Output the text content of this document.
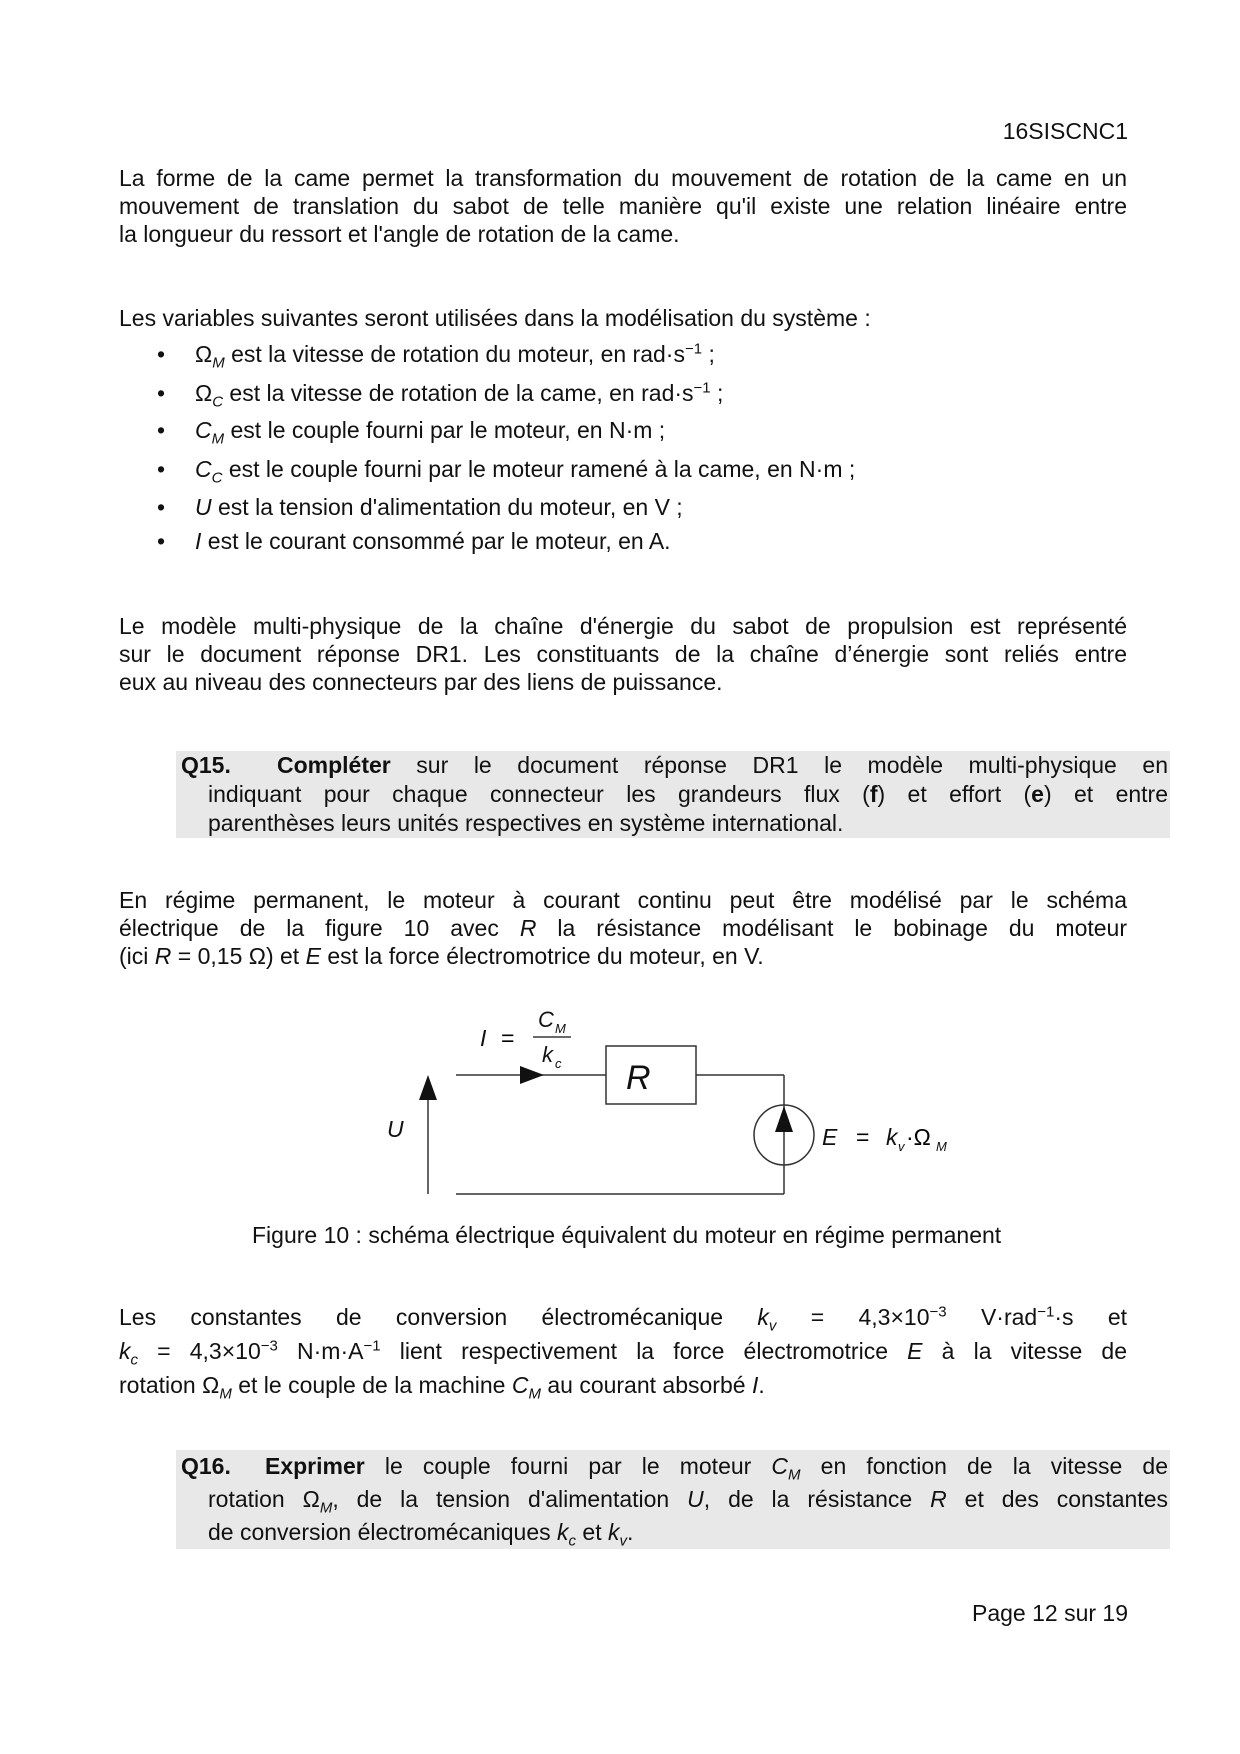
16SISCNC1
La forme de la came permet la transformation du mouvement de rotation de la came en un
mouvement de translation du sabot de telle manière qu'il existe une relation linéaire entre
la longueur du ressort et l'angle de rotation de la came.
Les variables suivantes seront utilisées dans la modélisation du système :
• $\Omega_M$ est la vitesse de rotation du moteur, en $rad\cdot s^{-1}$ ;
• $\Omega_C$ est la vitesse de rotation de la came, en $rad\cdot s^{-1}$ ;
• $C_M$ est le couple fourni par le moteur, en N·m ;
• $C_C$ est le couple fourni par le moteur ramené à la came, en N·m ;
• U est la tension d'alimentation du moteur, en V ;
• I est le courant consommé par le moteur, en A.
Le modèle multi-physique de la chaîne d'énergie du sabot de propulsion est représenté
sur le document réponse DR1. Les constituants de la chaîne d’énergie sont reliés entre
eux au niveau des connecteurs par des liens de puissance.
Q15. Compléter sur le document réponse DR1 le modèle multi-physique en
indiquant pour chaque connecteur les grandeurs flux (f) et effort (e) et entre
parenthèses leurs unités respectives en système international.
En régime permanent, le moteur à courant continu peut être modélisé par le schéma
électrique de la figure 10 avec R la résistance modélisant le bobinage du moteur
(ici R = 0,15 Ω) et E est la force électromotrice du moteur, en V.
I =
C M
k c R
U	E = k v ·Ω M
Figure 10 : schéma électrique équivalent du moteur en régime permanent
Les constantes de conversion électromécanique $k_v = 4,3\times 10^{-3}$ V·rad$^{-1}$·s et
$k_c = 4,3\times 10^{-3}$ $N\cdot m\cdot A^{-1}$ lient respectivement la force électromotrice E à la vitesse de
rotation $\Omega_M$ et le couple de la machine $C_M$ au courant absorbé I.
Q16. Exprimer le couple fourni par le moteur $C_M$ en fonction de la vitesse de
rotation $\Omega_M$, de la tension d'alimentation U, de la résistance R et des constantes
de conversion électromécaniques $k_c$ et $k_v$.
Page 12 sur 19
